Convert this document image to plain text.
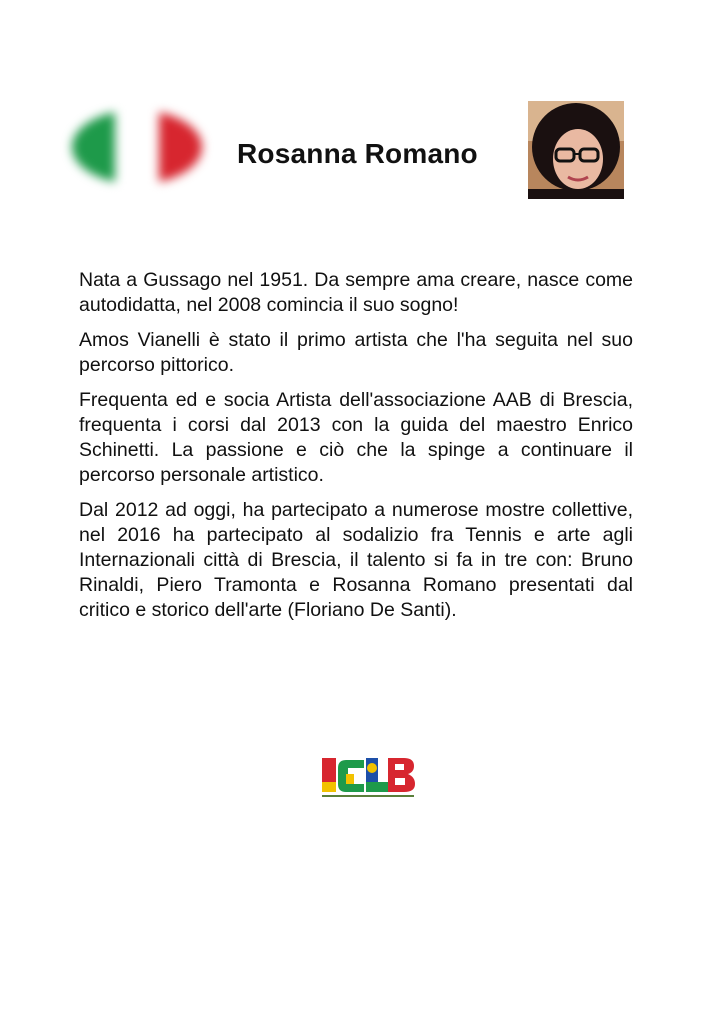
Rosanna Romano

Nata a Gussago nel 1951. Da sempre ama creare, nasce come autodidatta, nel 2008 comincia il suo sogno!

Amos Vianelli è stato il primo artista che l'ha seguita nel suo percorso pittorico.

Frequenta ed e socia Artista dell'associazione AAB di Brescia, frequenta i corsi dal 2013 con la guida del maestro Enrico Schinetti. La passione e ciò che la spinge a continuare il percorso personale artistico.

Dal 2012 ad oggi, ha partecipato a numerose mostre collettive, nel 2016 ha partecipato al sodalizio fra Tennis e arte agli Internazionali città di Brescia, il talento si fa in tre con: Bruno Rinaldi, Piero Tramonta e Rosanna Romano presentati dal critico e storico dell'arte (Floriano De Santi).
